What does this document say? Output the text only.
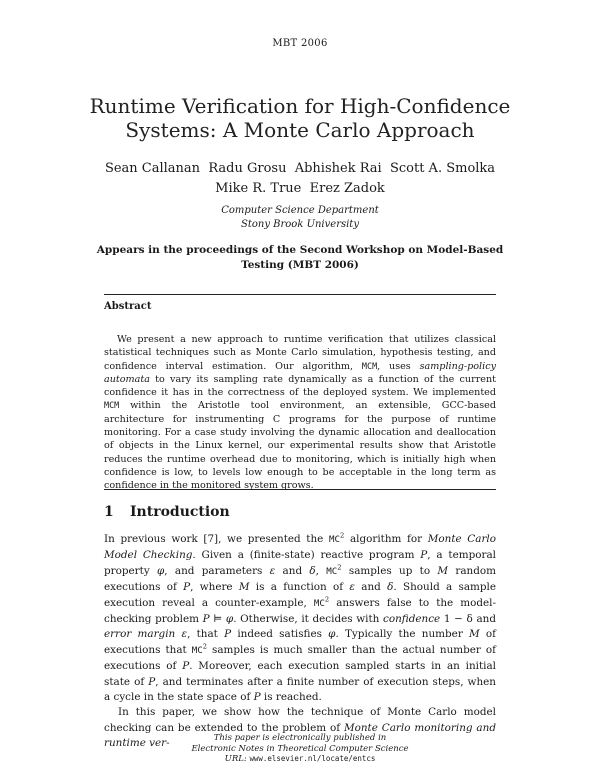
MBT 2006
Runtime Verification for High-Confidence
Systems: A Monte Carlo Approach
Sean Callanan  Radu Grosu  Abhishek Rai  Scott A. Smolka
Mike R. True  Erez Zadok
Computer Science Department
Stony Brook University
Appears in the proceedings of the Second Workshop on Model-Based
Testing (MBT 2006)
Abstract
We present a new approach to runtime verification that utilizes classical statistical techniques such as Monte Carlo simulation, hypothesis testing, and confidence interval estimation. Our algorithm, MCM, uses sampling-policy automata to vary its sampling rate dynamically as a function of the current confidence it has in the correctness of the deployed system. We implemented MCM within the Aristotle tool environment, an extensible, GCC-based architecture for instrumenting C programs for the purpose of runtime monitoring. For a case study involving the dynamic allocation and deallocation of objects in the Linux kernel, our experimental results show that Aristotle reduces the runtime overhead due to monitoring, which is initially high when confidence is low, to levels low enough to be acceptable in the long term as confidence in the monitored system grows.
1 Introduction

In previous work [7], we presented the $MC^2$ algorithm for Monte Carlo Model Checking. Given a (finite-state) reactive program P, a temporal property φ, and parameters ε and δ, $MC^2$ samples up to M random executions of P, where M is a function of ε and δ. Should a sample execution reveal a counter-example, $MC^2$ answers false to the model-checking problem P ⊨ φ. Otherwise, it decides with confidence 1 − δ and error margin ε, that P indeed satisfies φ. Typically the number M of executions that $MC^2$ samples is much smaller than the actual number of executions of P. Moreover, each execution sampled starts in an initial state of P, and terminates after a finite number of execution steps, when a cycle in the state space of P is reached.

In this paper, we show how the technique of Monte Carlo model checking can be extended to the problem of Monte Carlo monitoring and runtime ver-	This paper is electronically published in
Electronic Notes in Theoretical Computer Science
URL: www.elsevier.nl/locate/entcs
